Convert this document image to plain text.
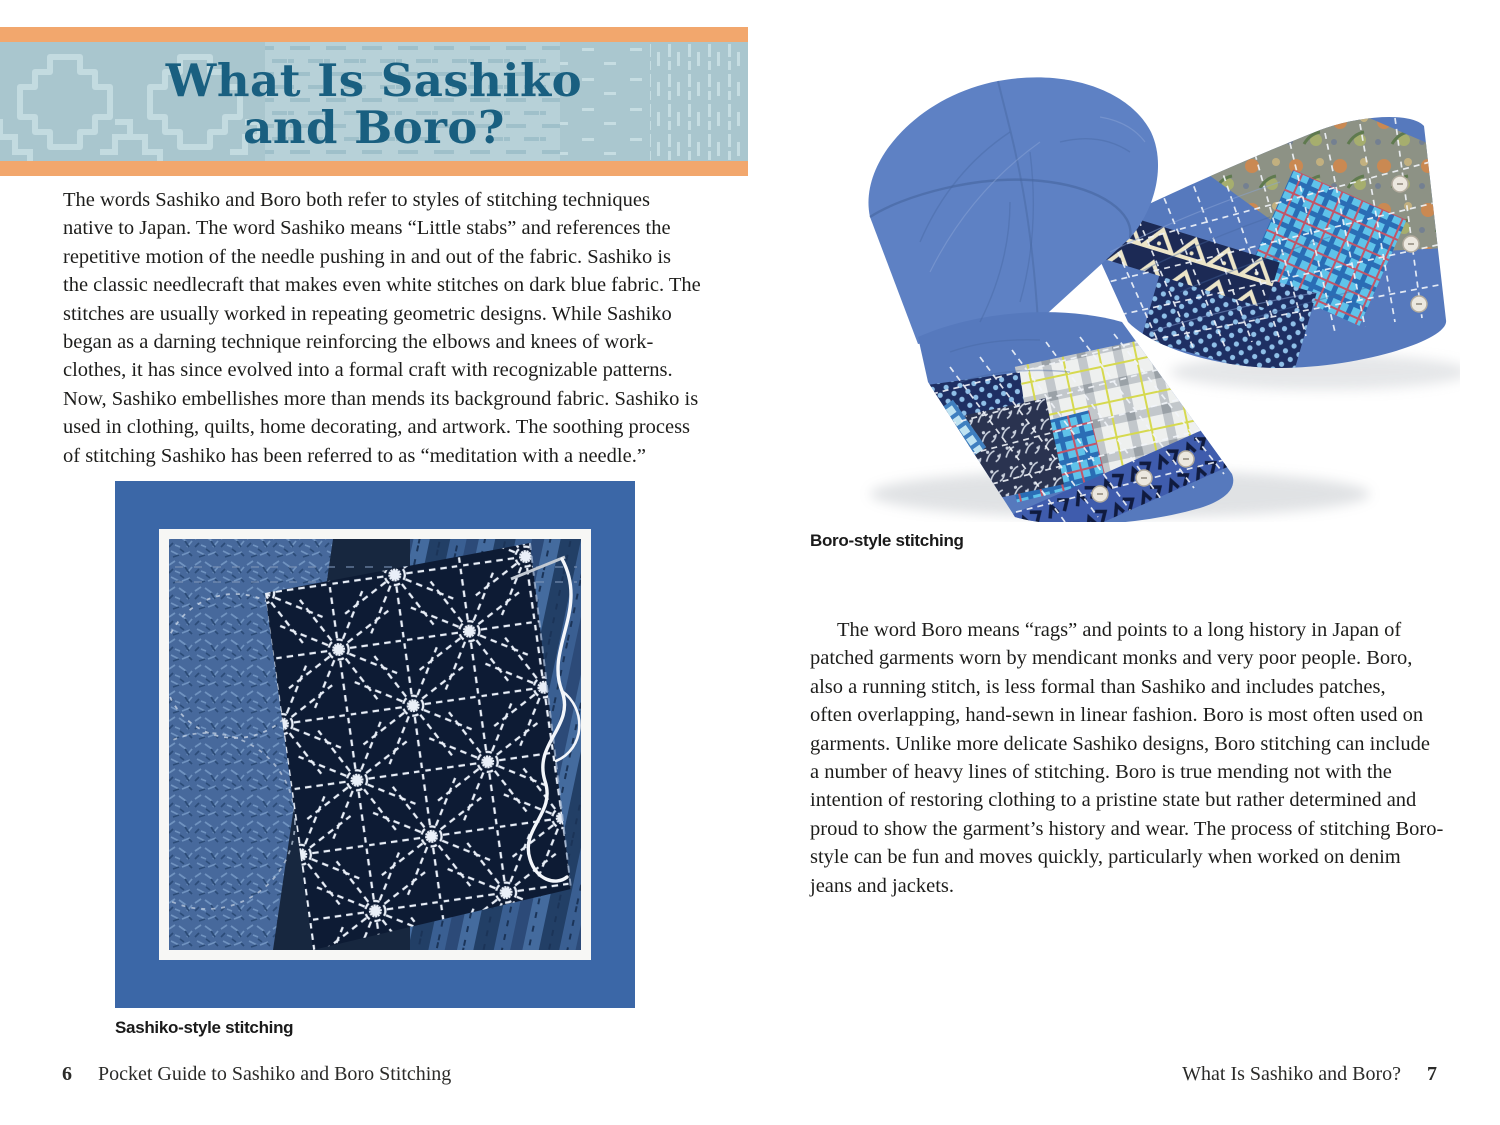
What Is Sashiko
and Boro?
The words Sashiko and Boro both refer to styles of stitching techniques
native to Japan. The word Sashiko means “Little stabs” and references the
repetitive motion of the needle pushing in and out of the fabric. Sashiko is
the classic needlecraft that makes even white stitches on dark blue fabric. The
stitches are usually worked in repeating geometric designs. While Sashiko
began as a darning technique reinforcing the elbows and knees of work-
clothes, it has since evolved into a formal craft with recognizable patterns.
Now, Sashiko embellishes more than mends its background fabric. Sashiko is
used in clothing, quilts, home decorating, and artwork. The soothing process
of stitching Sashiko has been referred to as “meditation with a needle.”
Sashiko-style stitching
6 Pocket Guide to Sashiko and Boro Stitching
Boro-style stitching
The word Boro means “rags” and points to a long history in Japan of
patched garments worn by mendicant monks and very poor people. Boro,
also a running stitch, is less formal than Sashiko and includes patches,
often overlapping, hand-sewn in linear fashion. Boro is most often used on
garments. Unlike more delicate Sashiko designs, Boro stitching can include
a number of heavy lines of stitching. Boro is true mending not with the
intention of restoring clothing to a pristine state but rather determined and
proud to show the garment’s history and wear. The process of stitching Boro-
style can be fun and moves quickly, particularly when worked on denim
jeans and jackets.
What Is Sashiko and Boro? 7
